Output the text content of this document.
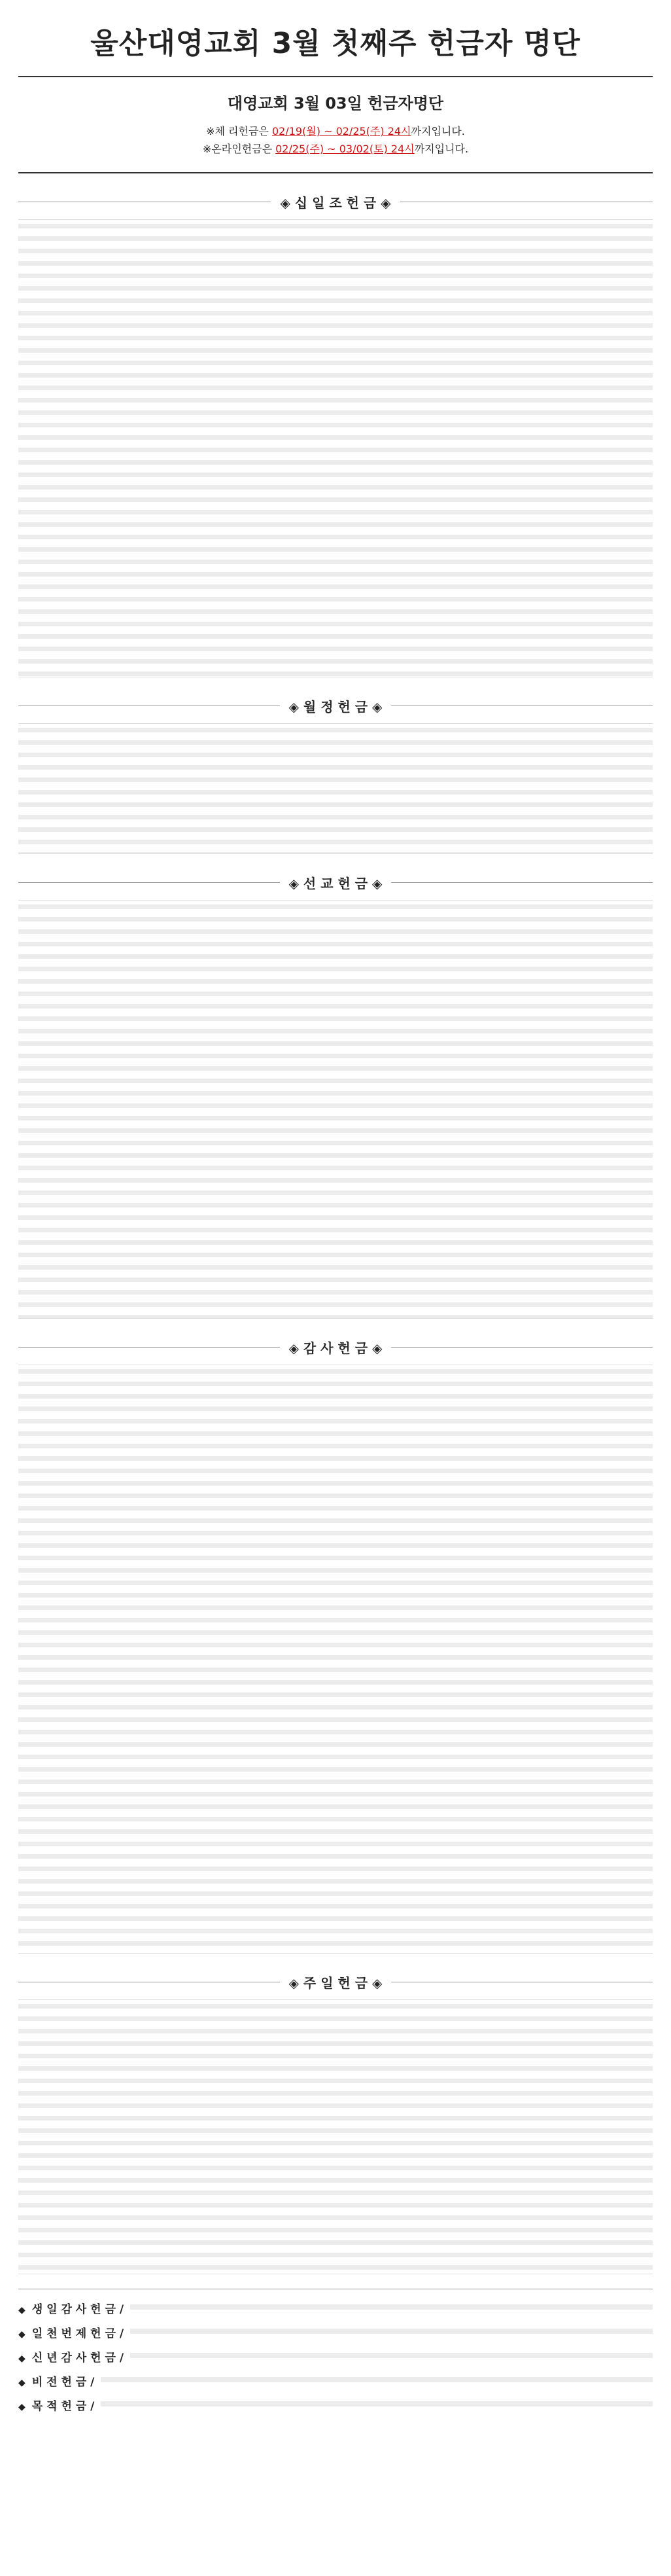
울산대영교회 3월 첫째주 헌금자 명단
대영교회 3월 03일 헌금자명단
※체 리헌금은 02/19(월) ~ 02/25(주) 24시까지입니다.
※온라인헌금은 02/25(주) ~ 03/02(토) 24시까지입니다.
◈ 십 일 조 헌 금 ◈
◈ 월 정 헌 금 ◈
◈ 선 교 헌 금 ◈
◈ 감 사 헌 금 ◈
◈ 주 일 헌 금 ◈
◆ 생 일 감 사 헌 금 /
◆ 일 천 번 제 헌 금 /
◆ 신 년 감 사 헌 금 /
◆ 비 전 헌 금 /
◆ 목 적 헌 금 /
